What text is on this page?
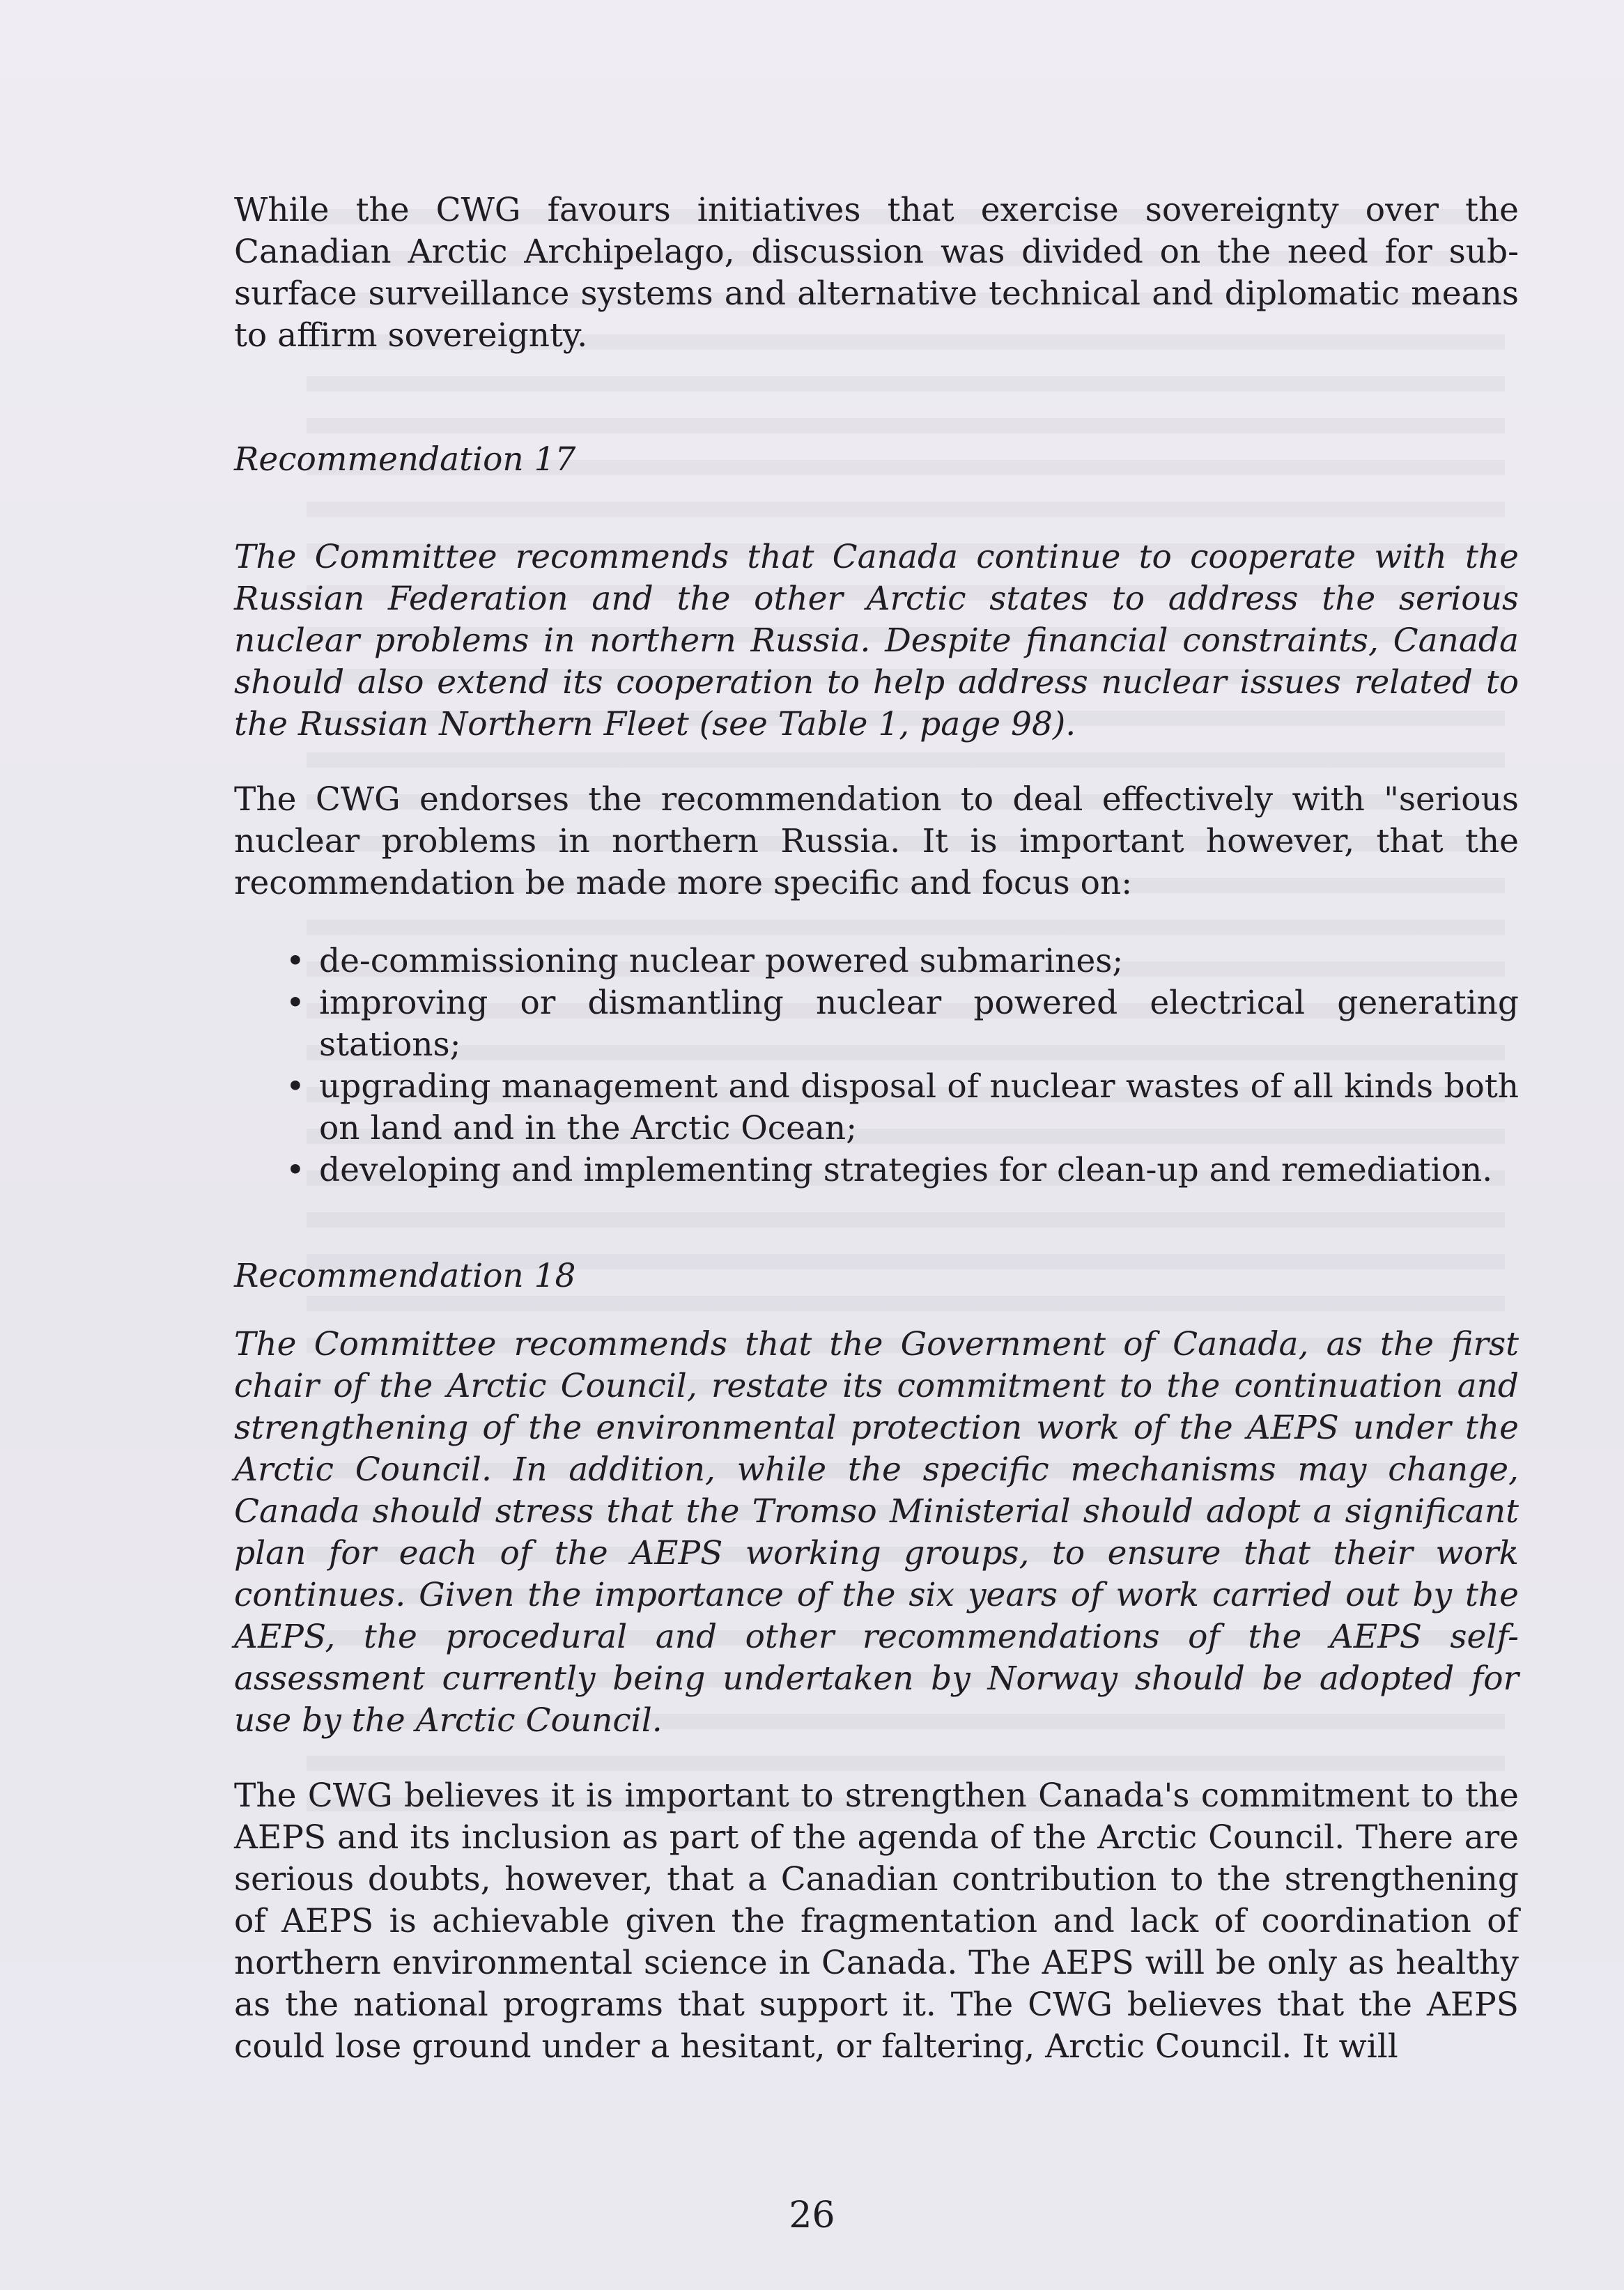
While the CWG favours initiatives that exercise sovereignty over the Canadian Arctic Archipelago, discussion was divided on the need for sub-surface surveillance systems and alternative technical and diplomatic means to affirm sovereignty.

Recommendation 17

The Committee recommends that Canada continue to cooperate with the Russian Federation and the other Arctic states to address the serious nuclear problems in northern Russia. Despite financial constraints, Canada should also extend its cooperation to help address nuclear issues related to the Russian Northern Fleet (see Table 1, page 98).

The CWG endorses the recommendation to deal effectively with "serious nuclear problems in northern Russia. It is important however, that the recommendation be made more specific and focus on:

• de-commissioning nuclear powered submarines;
• improving or dismantling nuclear powered electrical generating stations;
• upgrading management and disposal of nuclear wastes of all kinds both on land and in the Arctic Ocean;
• developing and implementing strategies for clean-up and remediation.

Recommendation 18

The Committee recommends that the Government of Canada, as the first chair of the Arctic Council, restate its commitment to the continuation and strengthening of the environmental protection work of the AEPS under the Arctic Council. In addition, while the specific mechanisms may change, Canada should stress that the Tromso Ministerial should adopt a significant plan for each of the AEPS working groups, to ensure that their work continues. Given the importance of the six years of work carried out by the AEPS, the procedural and other recommendations of the AEPS self-assessment currently being undertaken by Norway should be adopted for use by the Arctic Council.

The CWG believes it is important to strengthen Canada's commitment to the AEPS and its inclusion as part of the agenda of the Arctic Council. There are serious doubts, however, that a Canadian contribution to the strengthening of AEPS is achievable given the fragmentation and lack of coordination of northern environmental science in Canada. The AEPS will be only as healthy as the national programs that support it. The CWG believes that the AEPS could lose ground under a hesitant, or faltering, Arctic Council. It will

26
